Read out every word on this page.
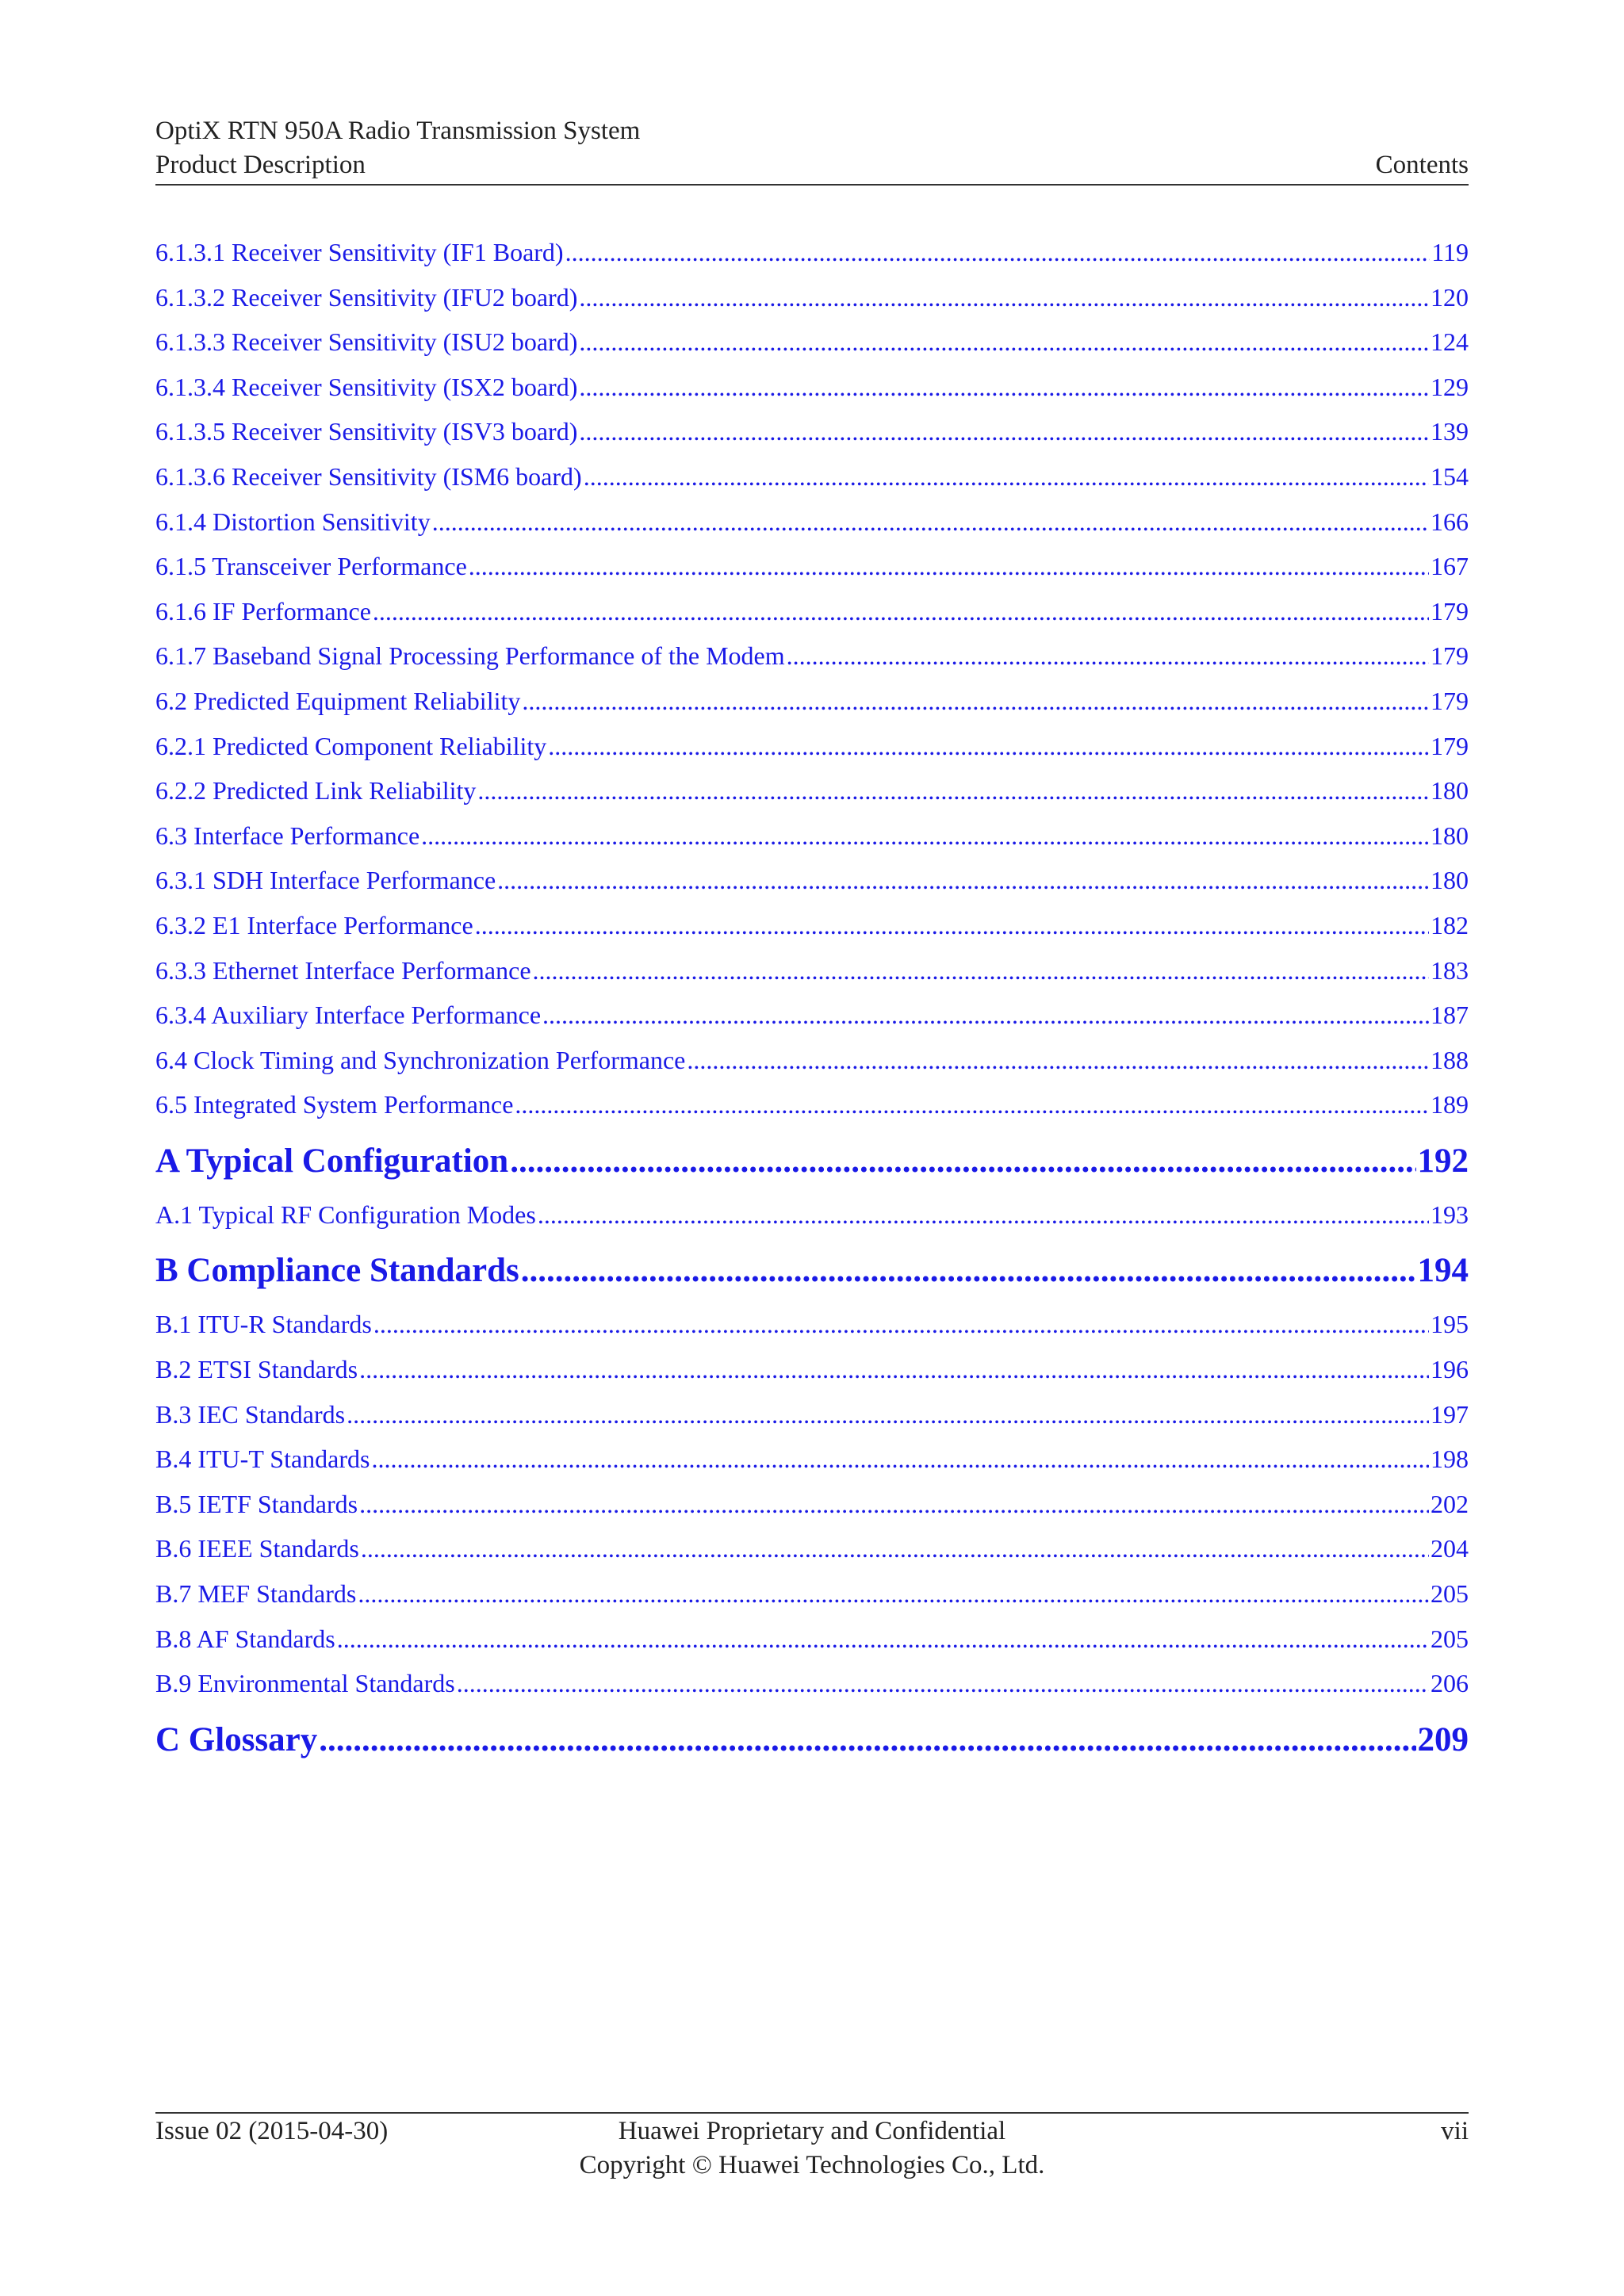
OptiX RTN 950A Radio Transmission System
Product Description	Contents
6.1.3.1 Receiver Sensitivity (IF1 Board) .....	119
6.1.3.2 Receiver Sensitivity (IFU2 board) .....	120
6.1.3.3 Receiver Sensitivity (ISU2 board) .....	124
6.1.3.4 Receiver Sensitivity (ISX2 board) .....	129
6.1.3.5 Receiver Sensitivity (ISV3 board) .....	139
6.1.3.6 Receiver Sensitivity (ISM6 board) .....	154
6.1.4 Distortion Sensitivity .....	166
6.1.5 Transceiver Performance .....	167
6.1.6 IF Performance .....	179
6.1.7 Baseband Signal Processing Performance of the Modem .....	179
6.2 Predicted Equipment Reliability .....	179
6.2.1 Predicted Component Reliability .....	179
6.2.2 Predicted Link Reliability .....	180
6.3 Interface Performance .....	180
6.3.1 SDH Interface Performance .....	180
6.3.2 E1 Interface Performance .....	182
6.3.3 Ethernet Interface Performance .....	183
6.3.4 Auxiliary Interface Performance .....	187
6.4 Clock Timing and Synchronization Performance .....	188
6.5 Integrated System Performance .....	189
A Typical Configuration .....	192
A.1 Typical RF Configuration Modes .....	193
B Compliance Standards .....	194
B.1 ITU-R Standards .....	195
B.2 ETSI Standards .....	196
B.3 IEC Standards .....	197
B.4 ITU-T Standards .....	198
B.5 IETF Standards .....	202
B.6 IEEE Standards .....	204
B.7 MEF Standards .....	205
B.8 AF Standards .....	205
B.9 Environmental Standards .....	206
C Glossary .....	209
Issue 02 (2015-04-30)	Huawei Proprietary and Confidential
Copyright © Huawei Technologies Co., Ltd.
vii
